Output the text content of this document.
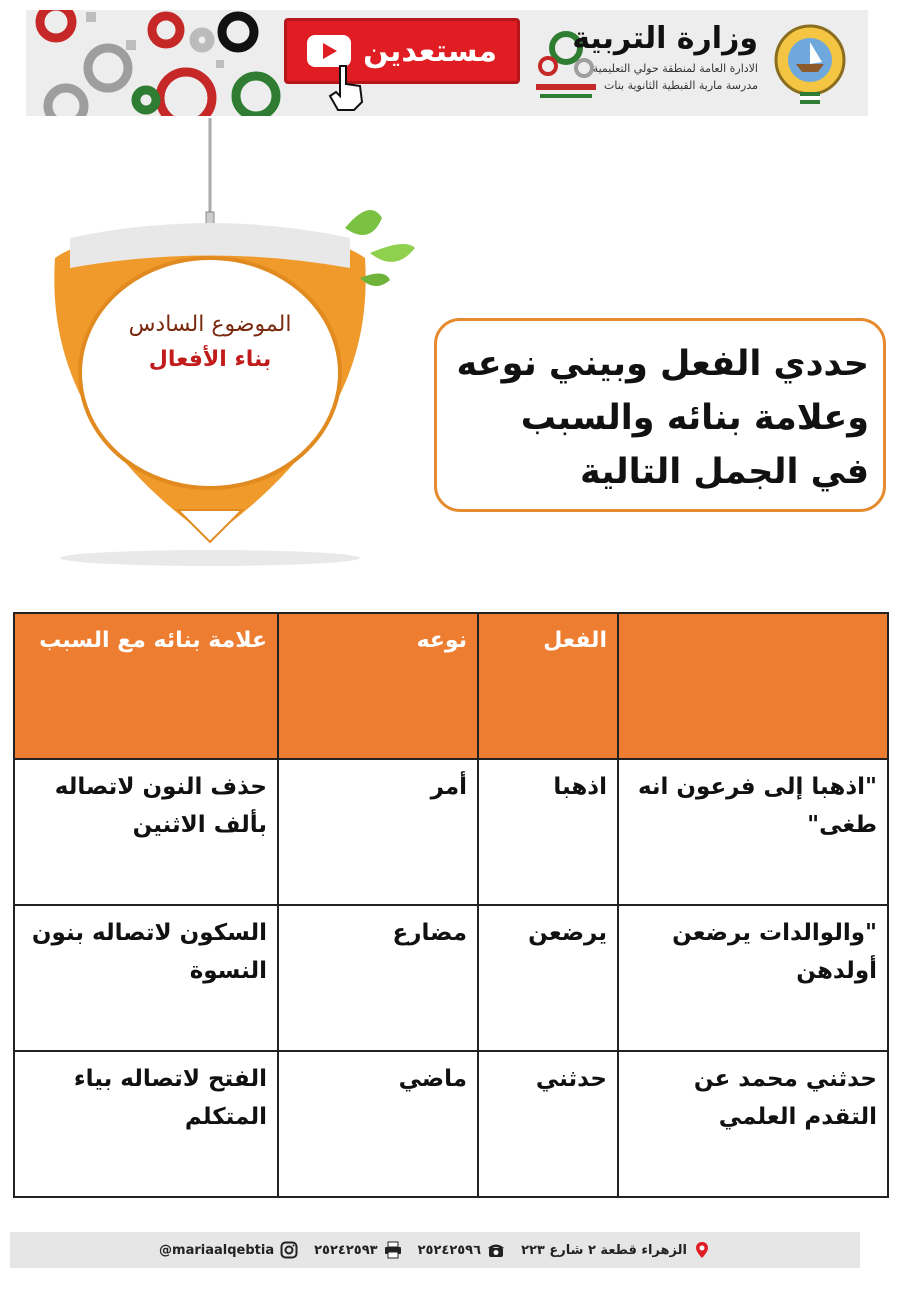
مستعدين	وزارة التربية
الادارة العامة لمنطقة حولي التعليمية
مدرسة مارية القبطية الثانوية بنات
الموضوع السادس
بناء الأفعال	حددي الفعل وبيني نوعه وعلامة بنائه والسبب في الجمل التالية
	الفعل	نوعه	علامة بنائه مع السبب
"اذهبا إلى فرعون انه طغى"	اذهبا	أمر	حذف النون لاتصاله بألف الاثنين
"والوالدات يرضعن أولدهن	يرضعن	مضارع	السكون لاتصاله بنون النسوة
حدثني محمد عن التقدم العلمي	حدثني	ماضي	الفتح لاتصاله بياء المتكلم
الزهراء قطعة ٢ شارع ٢٢٣
٢٥٢٤٢٥٩٦
٢٥٢٤٢٥٩٣
@mariaalqebtia
